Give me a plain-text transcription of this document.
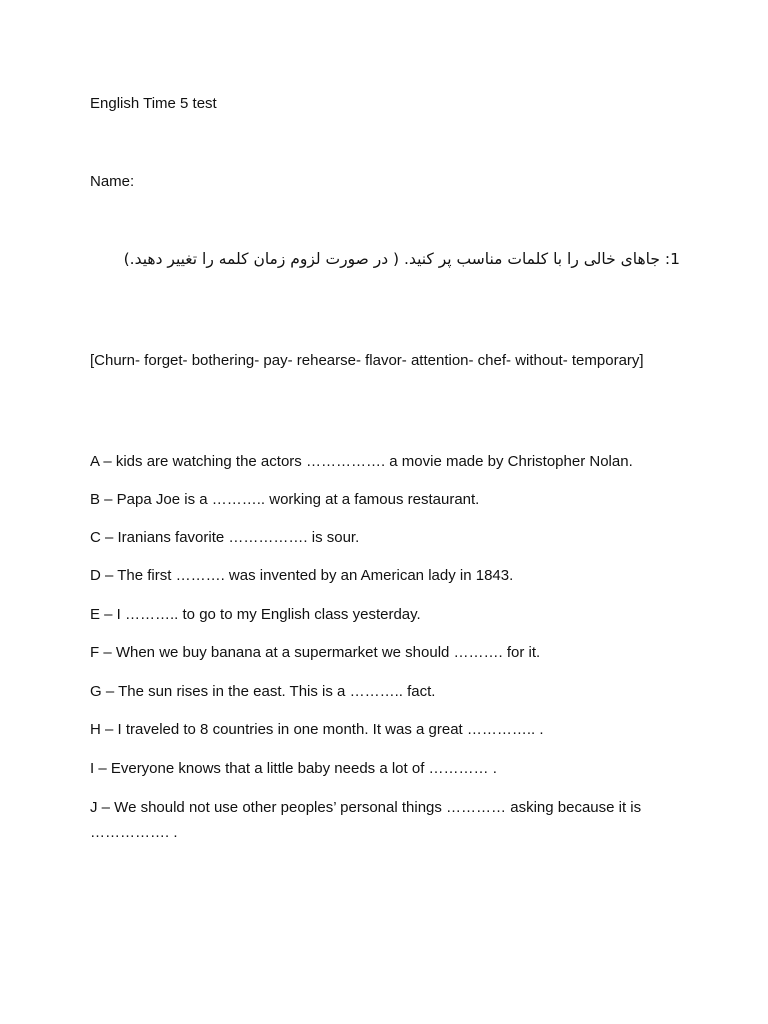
English Time 5 test
Name:
1: جاهای خالی را با کلمات مناسب پر کنید. ( در صورت لزوم زمان کلمه را تغییر دهید.)
[Churn- forget- bothering- pay- rehearse- flavor- attention- chef- without- temporary]
A – kids are watching the actors ……………. a movie made by Christopher Nolan.
B – Papa Joe is a ……….. working at a famous restaurant.
C – Iranians favorite ……………. is sour.
D – The first ………. was invented by an American lady in 1843.
E – I ……….. to go to my English class yesterday.
F – When we buy banana at a supermarket we should ………. for it.
G – The sun rises in the east. This is a ……….. fact.
H – I traveled to 8 countries in one month. It was a great ………….. .
I – Everyone knows that a little baby needs a lot of ………… .
J – We should not use other peoples’ personal things ………… asking because it is ……………. .
